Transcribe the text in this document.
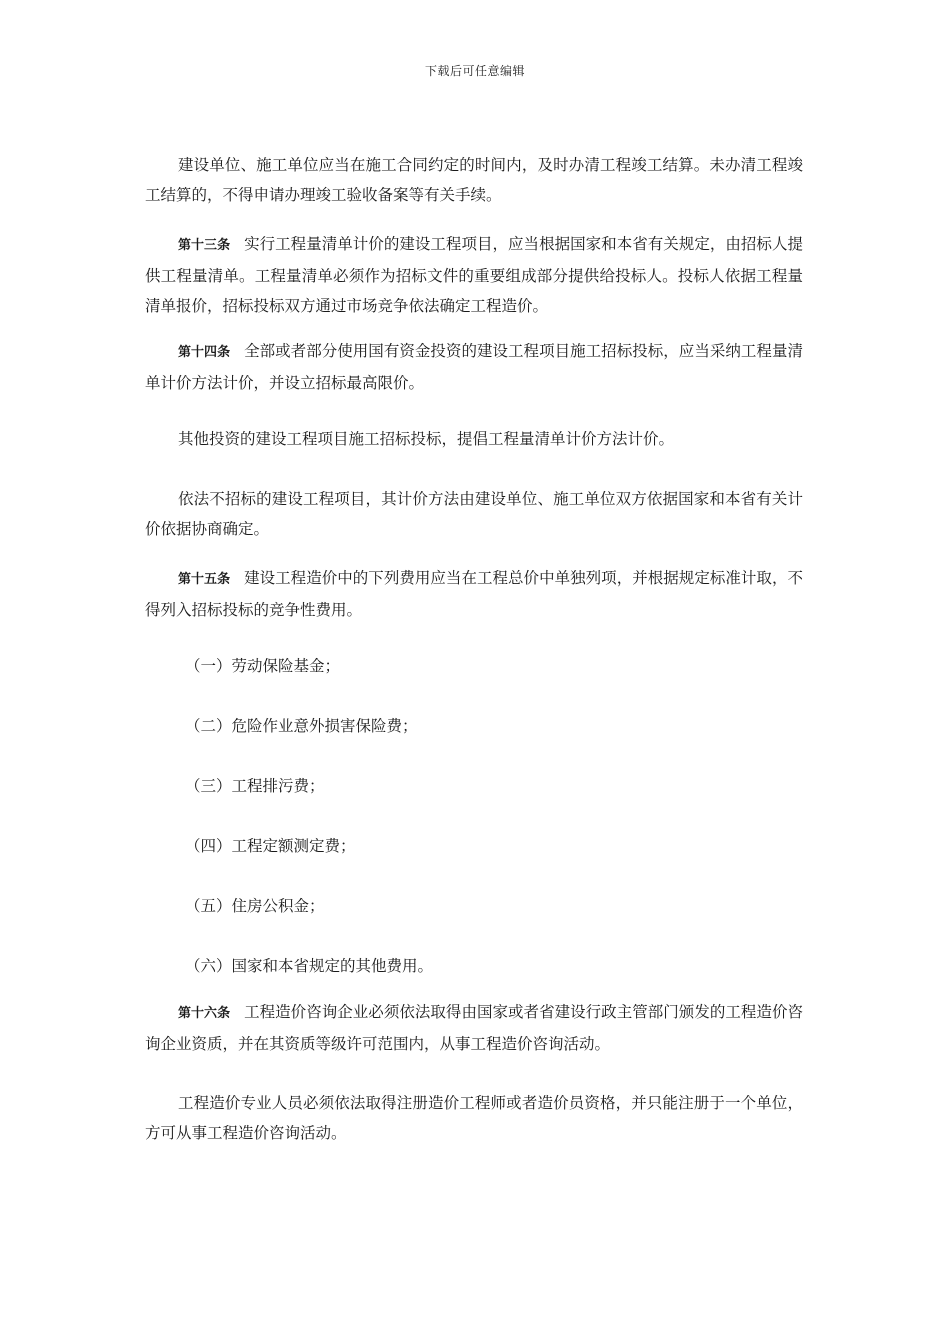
下载后可任意编辑

建设单位、施工单位应当在施工合同约定的时间内，及时办清工程竣工结算。未办清工程竣工结算的，不得申请办理竣工验收备案等有关手续。

第十三条 实行工程量清单计价的建设工程项目，应当根据国家和本省有关规定，由招标人提供工程量清单。工程量清单必须作为招标文件的重要组成部分提供给投标人。投标人依据工程量清单报价，招标投标双方通过市场竞争依法确定工程造价。

第十四条 全部或者部分使用国有资金投资的建设工程项目施工招标投标，应当采纳工程量清单计价方法计价，并设立招标最高限价。

其他投资的建设工程项目施工招标投标，提倡工程量清单计价方法计价。

依法不招标的建设工程项目，其计价方法由建设单位、施工单位双方依据国家和本省有关计价依据协商确定。

第十五条 建设工程造价中的下列费用应当在工程总价中单独列项，并根据规定标准计取，不得列入招标投标的竞争性费用。

（一）劳动保险基金；
（二）危险作业意外损害保险费；
（三）工程排污费；
（四）工程定额测定费；
（五）住房公积金；
（六）国家和本省规定的其他费用。

第十六条 工程造价咨询企业必须依法取得由国家或者省建设行政主管部门颁发的工程造价咨询企业资质，并在其资质等级许可范围内，从事工程造价咨询活动。

工程造价专业人员必须依法取得注册造价工程师或者造价员资格，并只能注册于一个单位，方可从事工程造价咨询活动。
